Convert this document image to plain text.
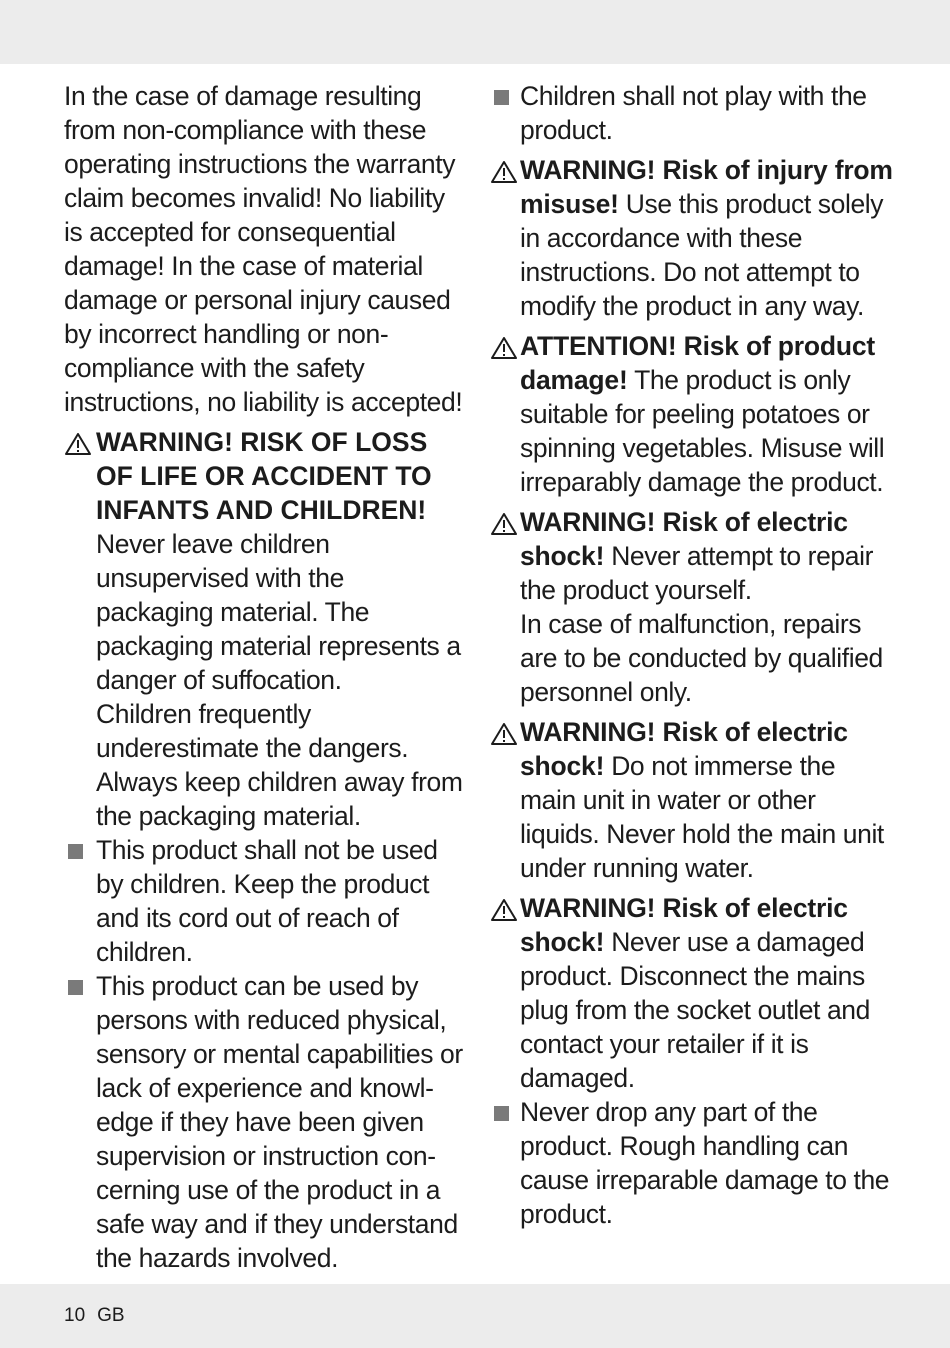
In the case of damage resulting from non-compliance with these operating instructions the warranty claim becomes invalid! No liability is accepted for consequential damage! In the case of material damage or personal injury caused by incorrect handling or non-compliance with the safety instructions, no liability is accepted!

WARNING! RISK OF LOSS OF LIFE OR ACCIDENT TO INFANTS AND CHILDREN!

Never leave children unsupervised with the packaging material. The packaging material represents a danger of suffocation.

Children frequently underestimate the dangers. Always keep children away from the packaging material.

This product shall not be used by children. Keep the product and its cord out of reach of children.

This product can be used by persons with reduced physical, sensory or mental capabilities or lack of experience and knowl-edge if they have been given supervision or instruction con-cerning use of the product in a safe way and if they understand the hazards involved.

Children shall not play with the product.

WARNING! Risk of injury from misuse! Use this product solely in accordance with these instructions. Do not attempt to modify the product in any way.

ATTENTION! Risk of product damage! The product is only suitable for peeling potatoes or spinning vegetables. Misuse will irreparably damage the product.

WARNING! Risk of electric shock! Never attempt to repair the product yourself.

In case of malfunction, repairs are to be conducted by qualified personnel only.

WARNING! Risk of electric shock! Do not immerse the main unit in water or other liquids. Never hold the main unit under running water.

WARNING! Risk of electric shock! Never use a damaged product. Disconnect the mains plug from the socket outlet and contact your retailer if it is damaged.

Never drop any part of the product. Rough handling can cause irreparable damage to the product.

10 GB
